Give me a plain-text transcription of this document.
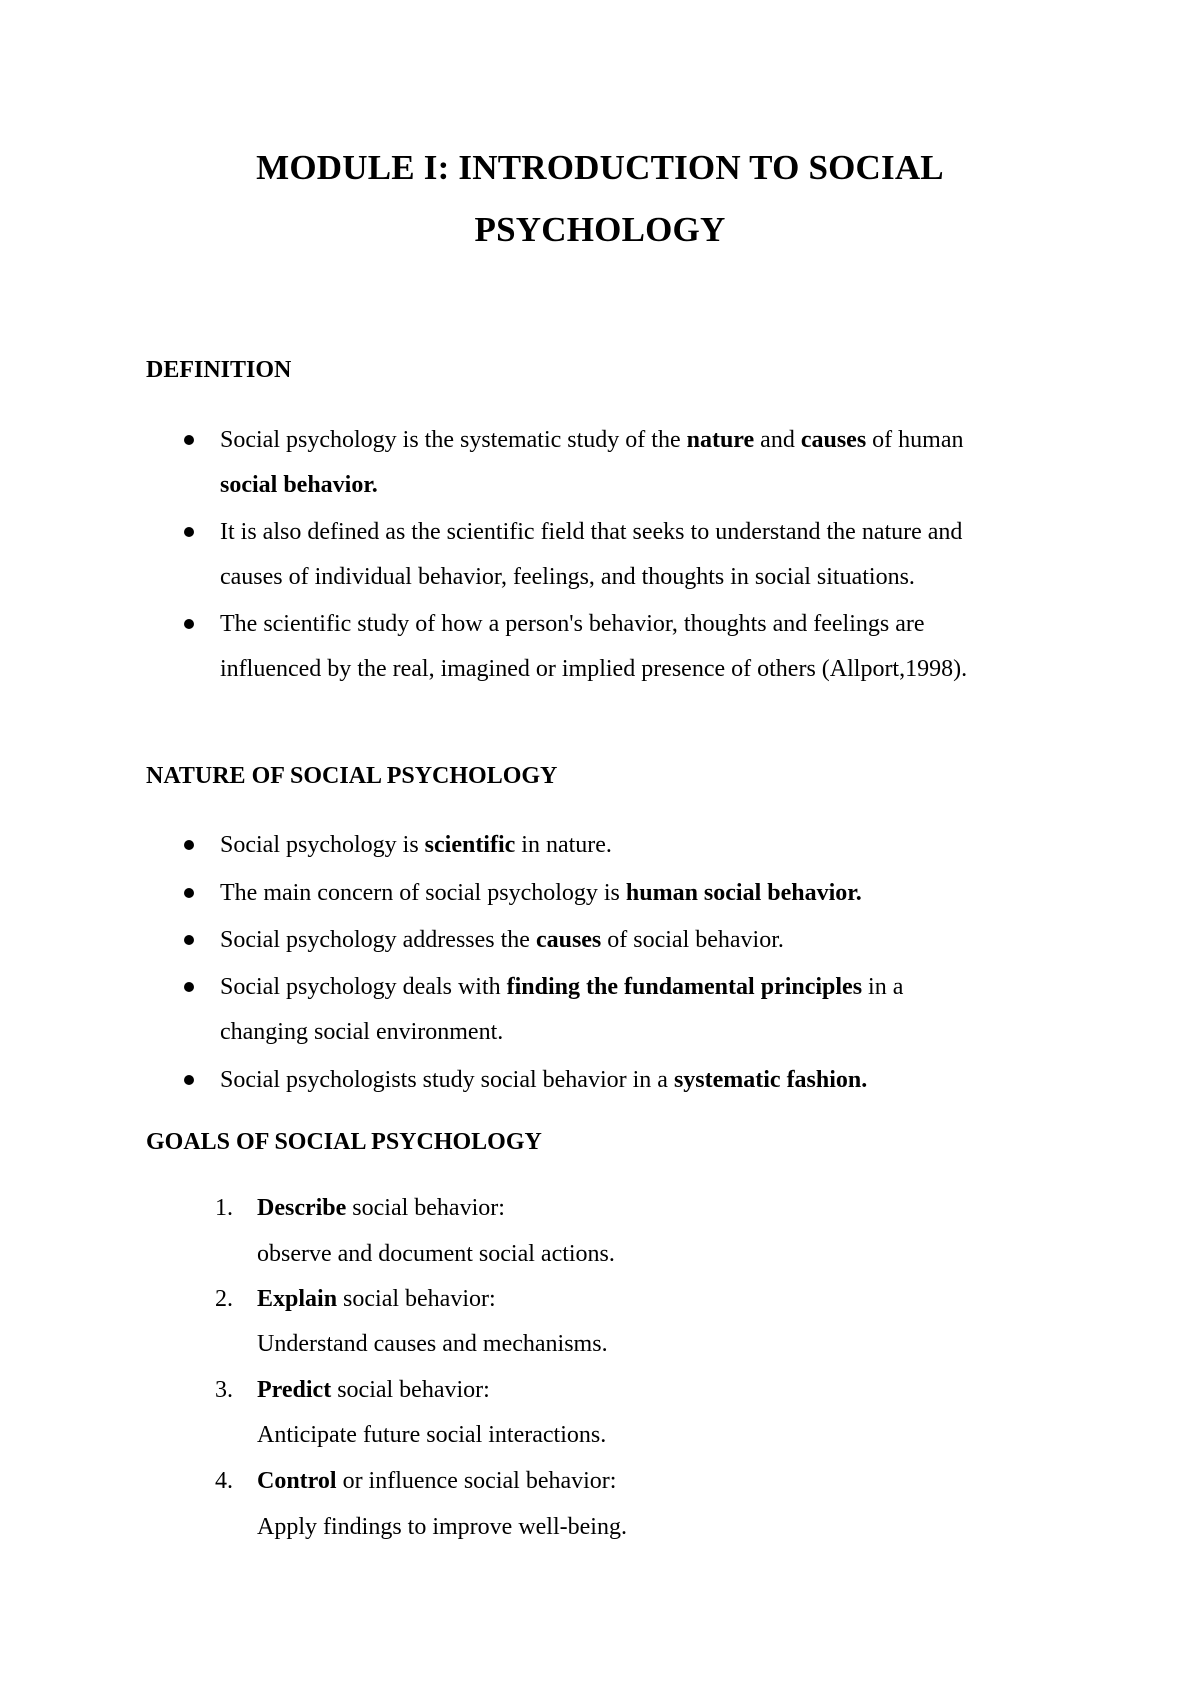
MODULE I: INTRODUCTION TO SOCIAL
PSYCHOLOGY
DEFINITION
Social psychology is the systematic study of the nature and causes of human
social behavior.
It is also defined as the scientific field that seeks to understand the nature and
causes of individual behavior, feelings, and thoughts in social situations.
The scientific study of how a person's behavior, thoughts and feelings are
influenced by the real, imagined or implied presence of others (Allport,1998).
NATURE OF SOCIAL PSYCHOLOGY
Social psychology is scientific in nature.
The main concern of social psychology is human social behavior.
Social psychology addresses the causes of social behavior.
Social psychology deals with finding the fundamental principles in a
changing social environment.
Social psychologists study social behavior in a systematic fashion.
GOALS OF SOCIAL PSYCHOLOGY
1. Describe social behavior:
observe and document social actions.
2. Explain social behavior:
Understand causes and mechanisms.
3. Predict social behavior:
Anticipate future social interactions.
4. Control or influence social behavior:
Apply findings to improve well-being.
